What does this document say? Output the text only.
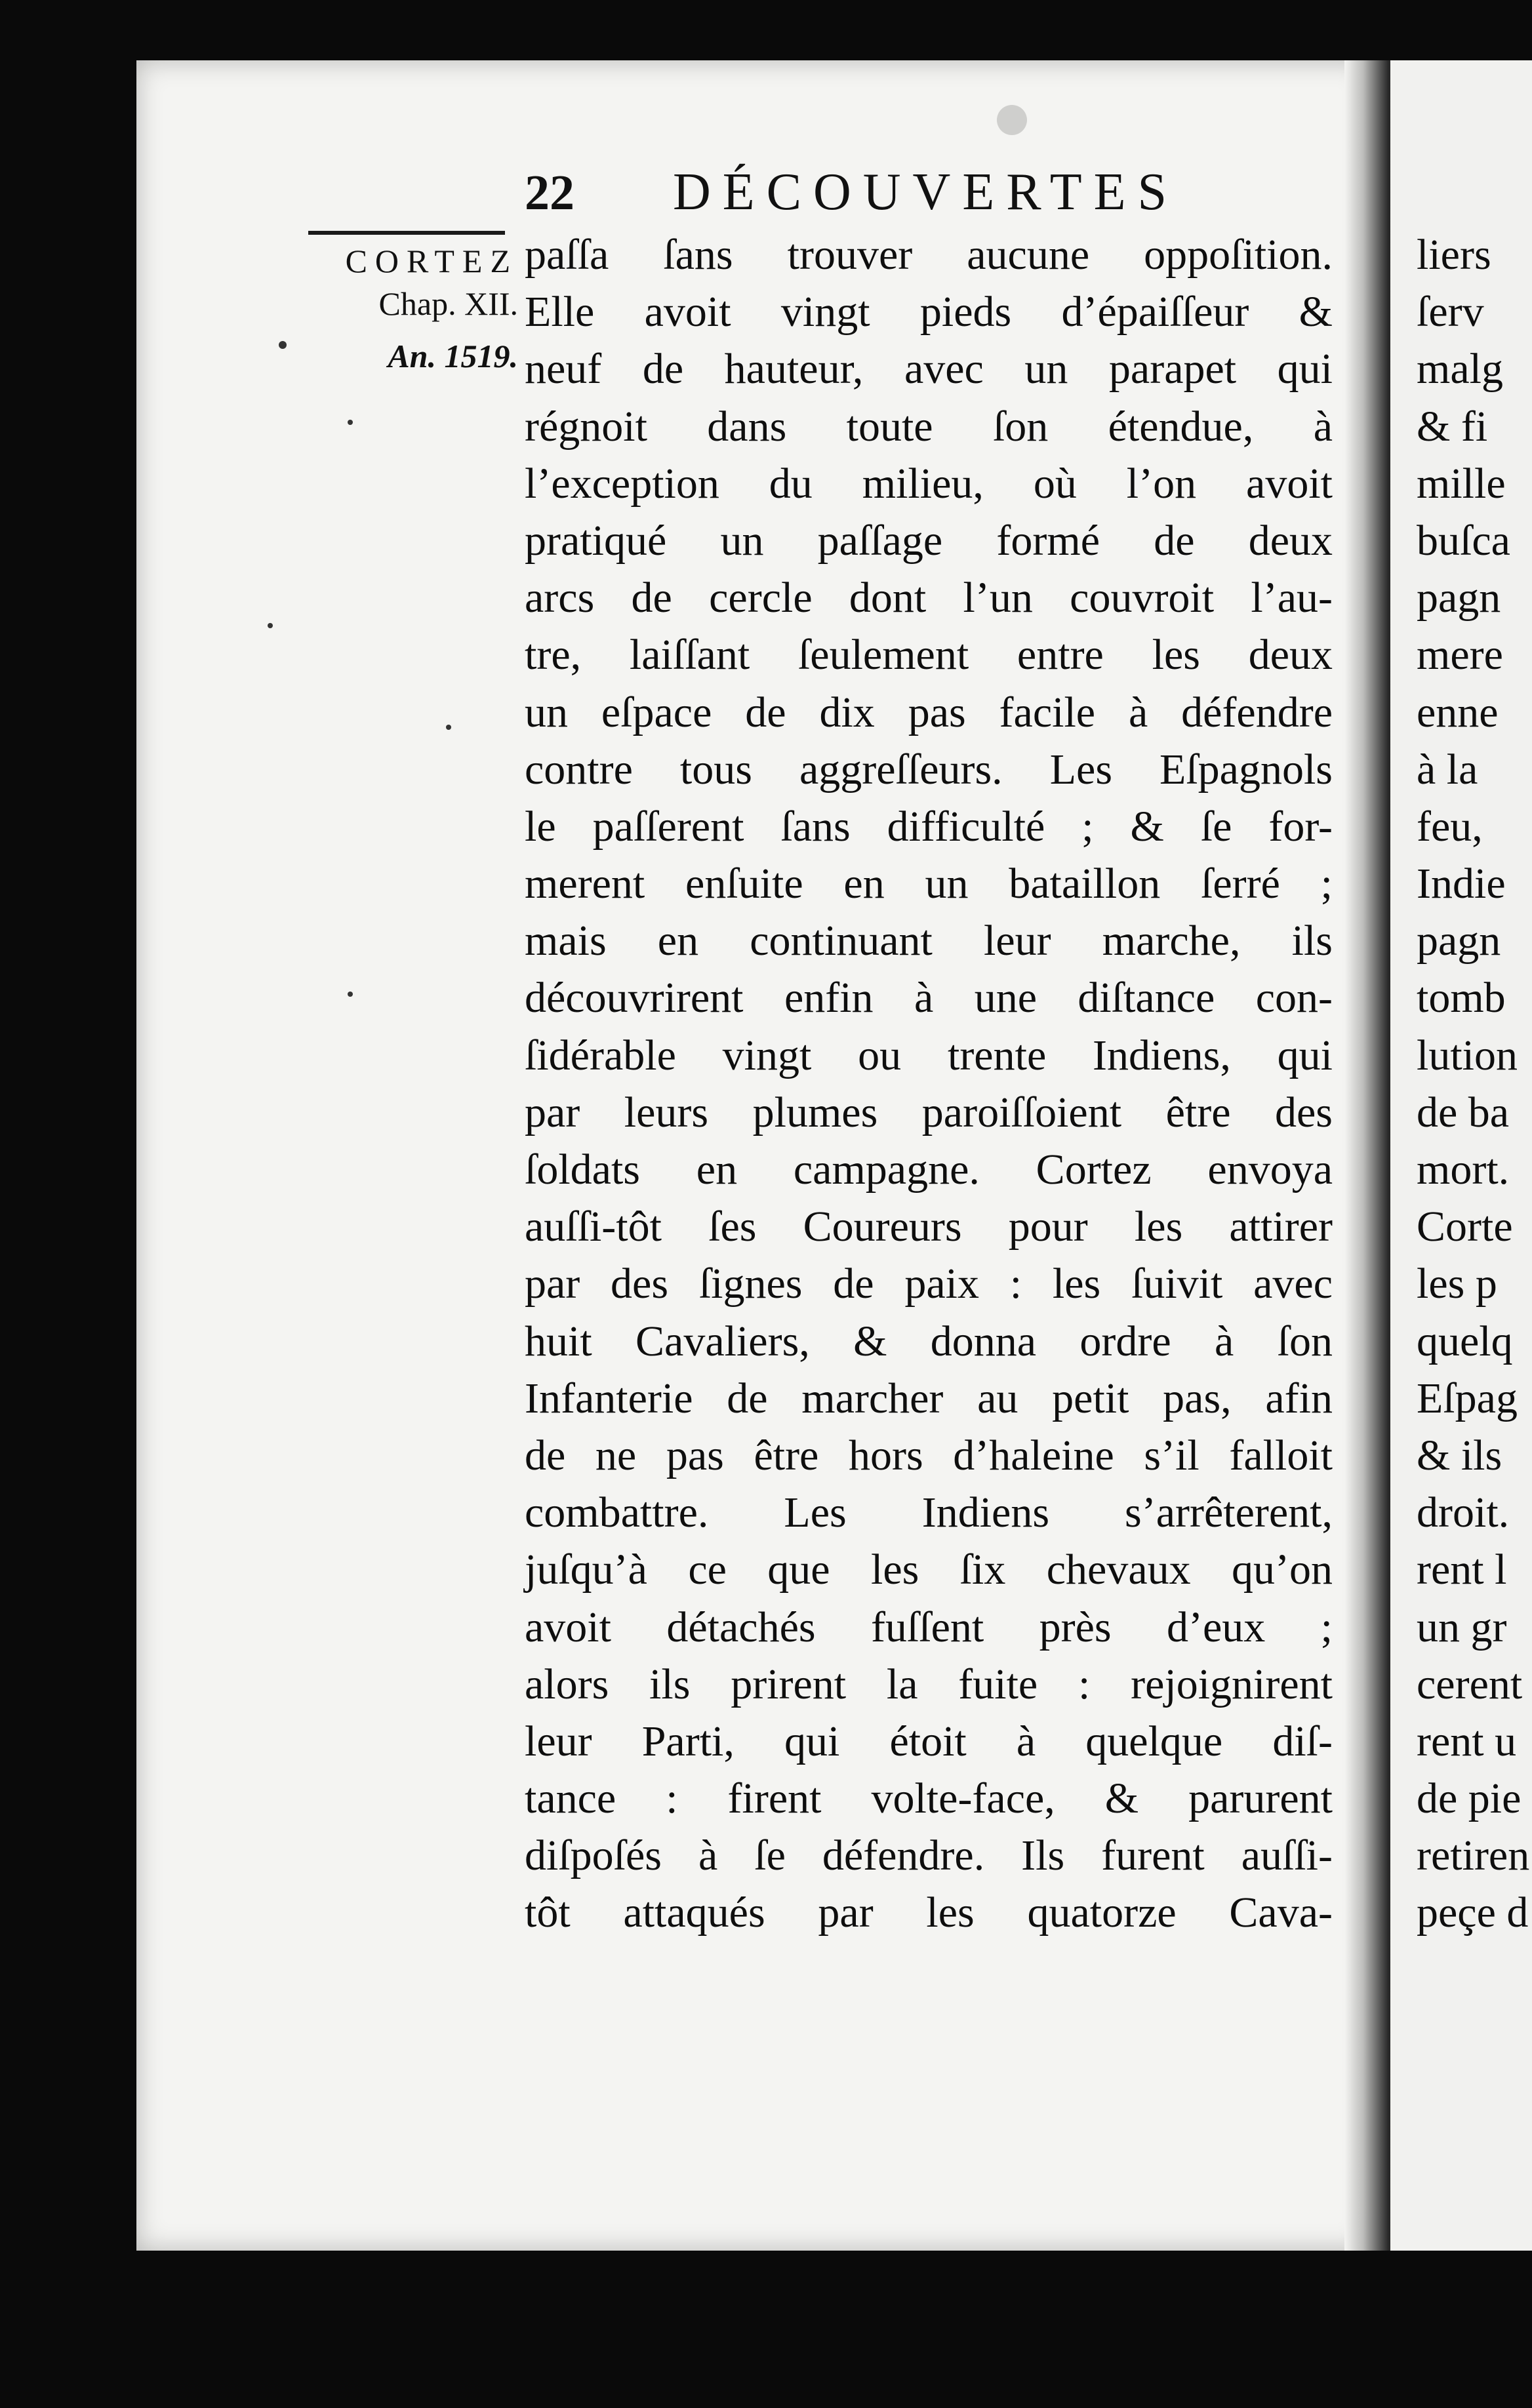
22 DÉCOUVERTES
CORTEZ
Chap. XII.
An. 1519.
paſſa ſans trouver aucune oppoſition.
Elle avoit vingt pieds d’épaiſſeur &
neuf de hauteur, avec un parapet qui
régnoit dans toute ſon étendue, à
l’exception du milieu, où l’on avoit
pratiqué un paſſage formé de deux
arcs de cercle dont l’un couvroit l’au-
tre, laiſſant ſeulement entre les deux
un eſpace de dix pas facile à défendre
contre tous aggreſſeurs. Les Eſpagnols
le paſſerent ſans difficulté ; & ſe for-
merent enſuite en un bataillon ſerré ;
mais en continuant leur marche, ils
découvrirent enfin à une diſtance con-
ſidérable vingt ou trente Indiens, qui
par leurs plumes paroiſſoient être des
ſoldats en campagne. Cortez envoya
auſſi-tôt ſes Coureurs pour les attirer
par des ſignes de paix : les ſuivit avec
huit Cavaliers, & donna ordre à ſon
Infanterie de marcher au petit pas, afin
de ne pas être hors d’haleine s’il falloit
combattre. Les Indiens s’arrêterent,
juſqu’à ce que les ſix chevaux qu’on
avoit détachés fuſſent près d’eux ;
alors ils prirent la fuite : rejoignirent
leur Parti, qui étoit à quelque diſ-
tance : firent volte-face, & parurent
diſpoſés à ſe défendre. Ils furent auſſi-
tôt attaqués par les quatorze Cava-
liers
ſerv
malg
& fi
mille
buſca
pagn
mere
enne
à la
feu,
Indie
pagn
tomb
lution
de ba
mort.
Corte
les p
quelq
Eſpag
& ils
droit.
rent l
un gr
cerent
rent u
de pie
retiren
peçe d
